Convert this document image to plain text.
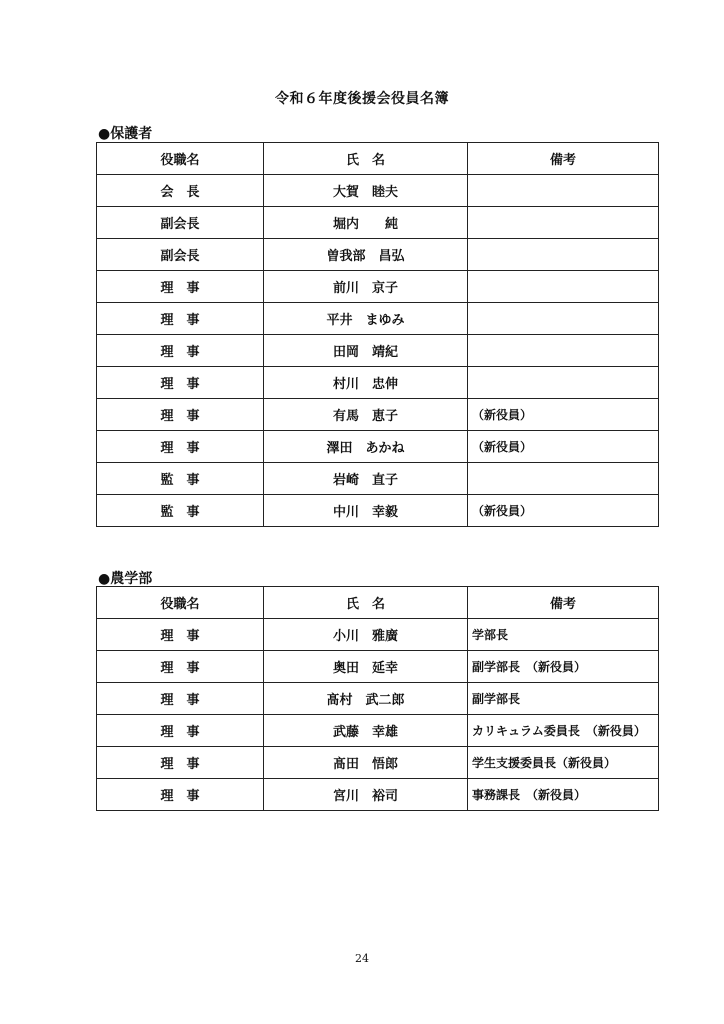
令和６年度後援会役員名簿
●保護者
役職名	氏　名	備考
会　長	大賀　睦夫	
副会長	堀内　　純	
副会長	曽我部　昌弘	
理　事	前川　京子	
理　事	平井　まゆみ	
理　事	田岡　靖紀	
理　事	村川　忠伸	
理　事	有馬　恵子	（新役員）
理　事	澤田　あかね	（新役員）
監　事	岩崎　直子	
監　事	中川　幸毅	（新役員）
●農学部
役職名	氏　名	備考
理　事	小川　雅廣	学部長
理　事	奥田　延幸	副学部長　（新役員）
理　事	髙村　武二郎	副学部長
理　事	武藤　幸雄	カリキュラム委員長　（新役員）
理　事	髙田　悟郎	学生支援委員長（新役員）
理　事	宮川　裕司	事務課長　（新役員）
24
